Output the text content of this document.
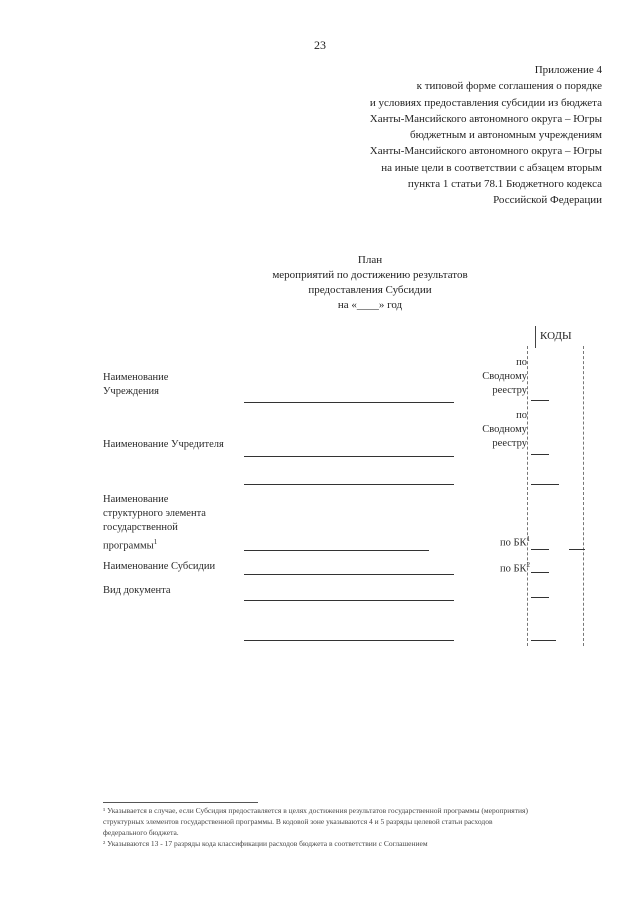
23
Приложение 4
к типовой форме соглашения о порядке
и условиях предоставления субсидии из бюджета
Ханты-Мансийского автономного округа – Югры
бюджетным и автономным учреждениям
Ханты-Мансийского автономного округа – Югры
на иные цели в соответствии с абзацем вторым
пункта 1 статьи 78.1 Бюджетного кодекса
Российской Федерации
План
мероприятий по достижению результатов
предоставления Субсидии
на «____» год
КОДЫ
Наименование
Учреждения
по
Сводному
реестру
Наименование Учредителя
по
Сводному
реестру
Наименование
структурного элемента
государственной
программы$^1$	по $БК^1$
Наименование Субсидии	по $БК^2$
Вид документа
¹ Указывается в случае, если Субсидия предоставляется в целях достижения результатов государственной программы (мероприятия)
структурных элементов государственной программы. В кодовой зоне указываются 4 и 5 разряды целевой статьи расходов
федерального бюджета.
² Указываются 13 - 17 разряды кода классификации расходов бюджета в соответствии с Соглашением
